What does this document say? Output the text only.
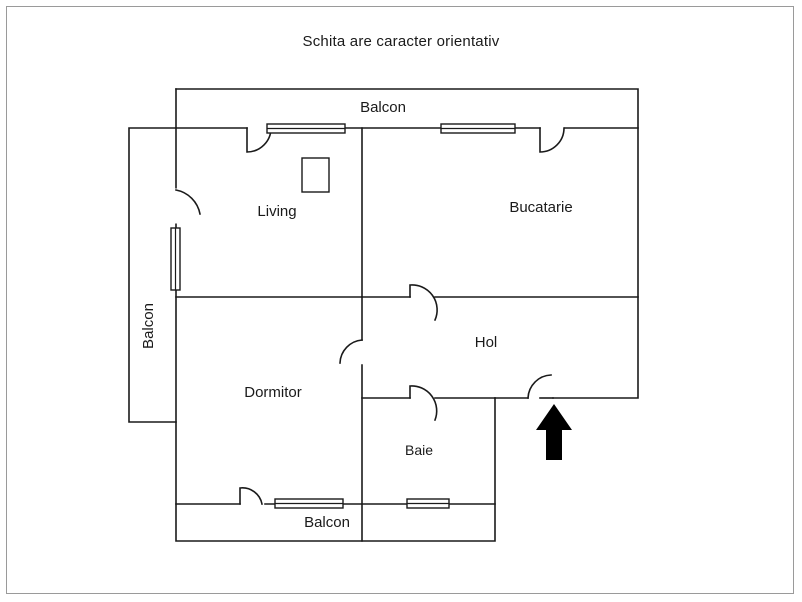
Schita are caracter orientativ
Living	Bucatarie
Hol
Dormitor
Baie
Balcon
Balcon
Balcon
